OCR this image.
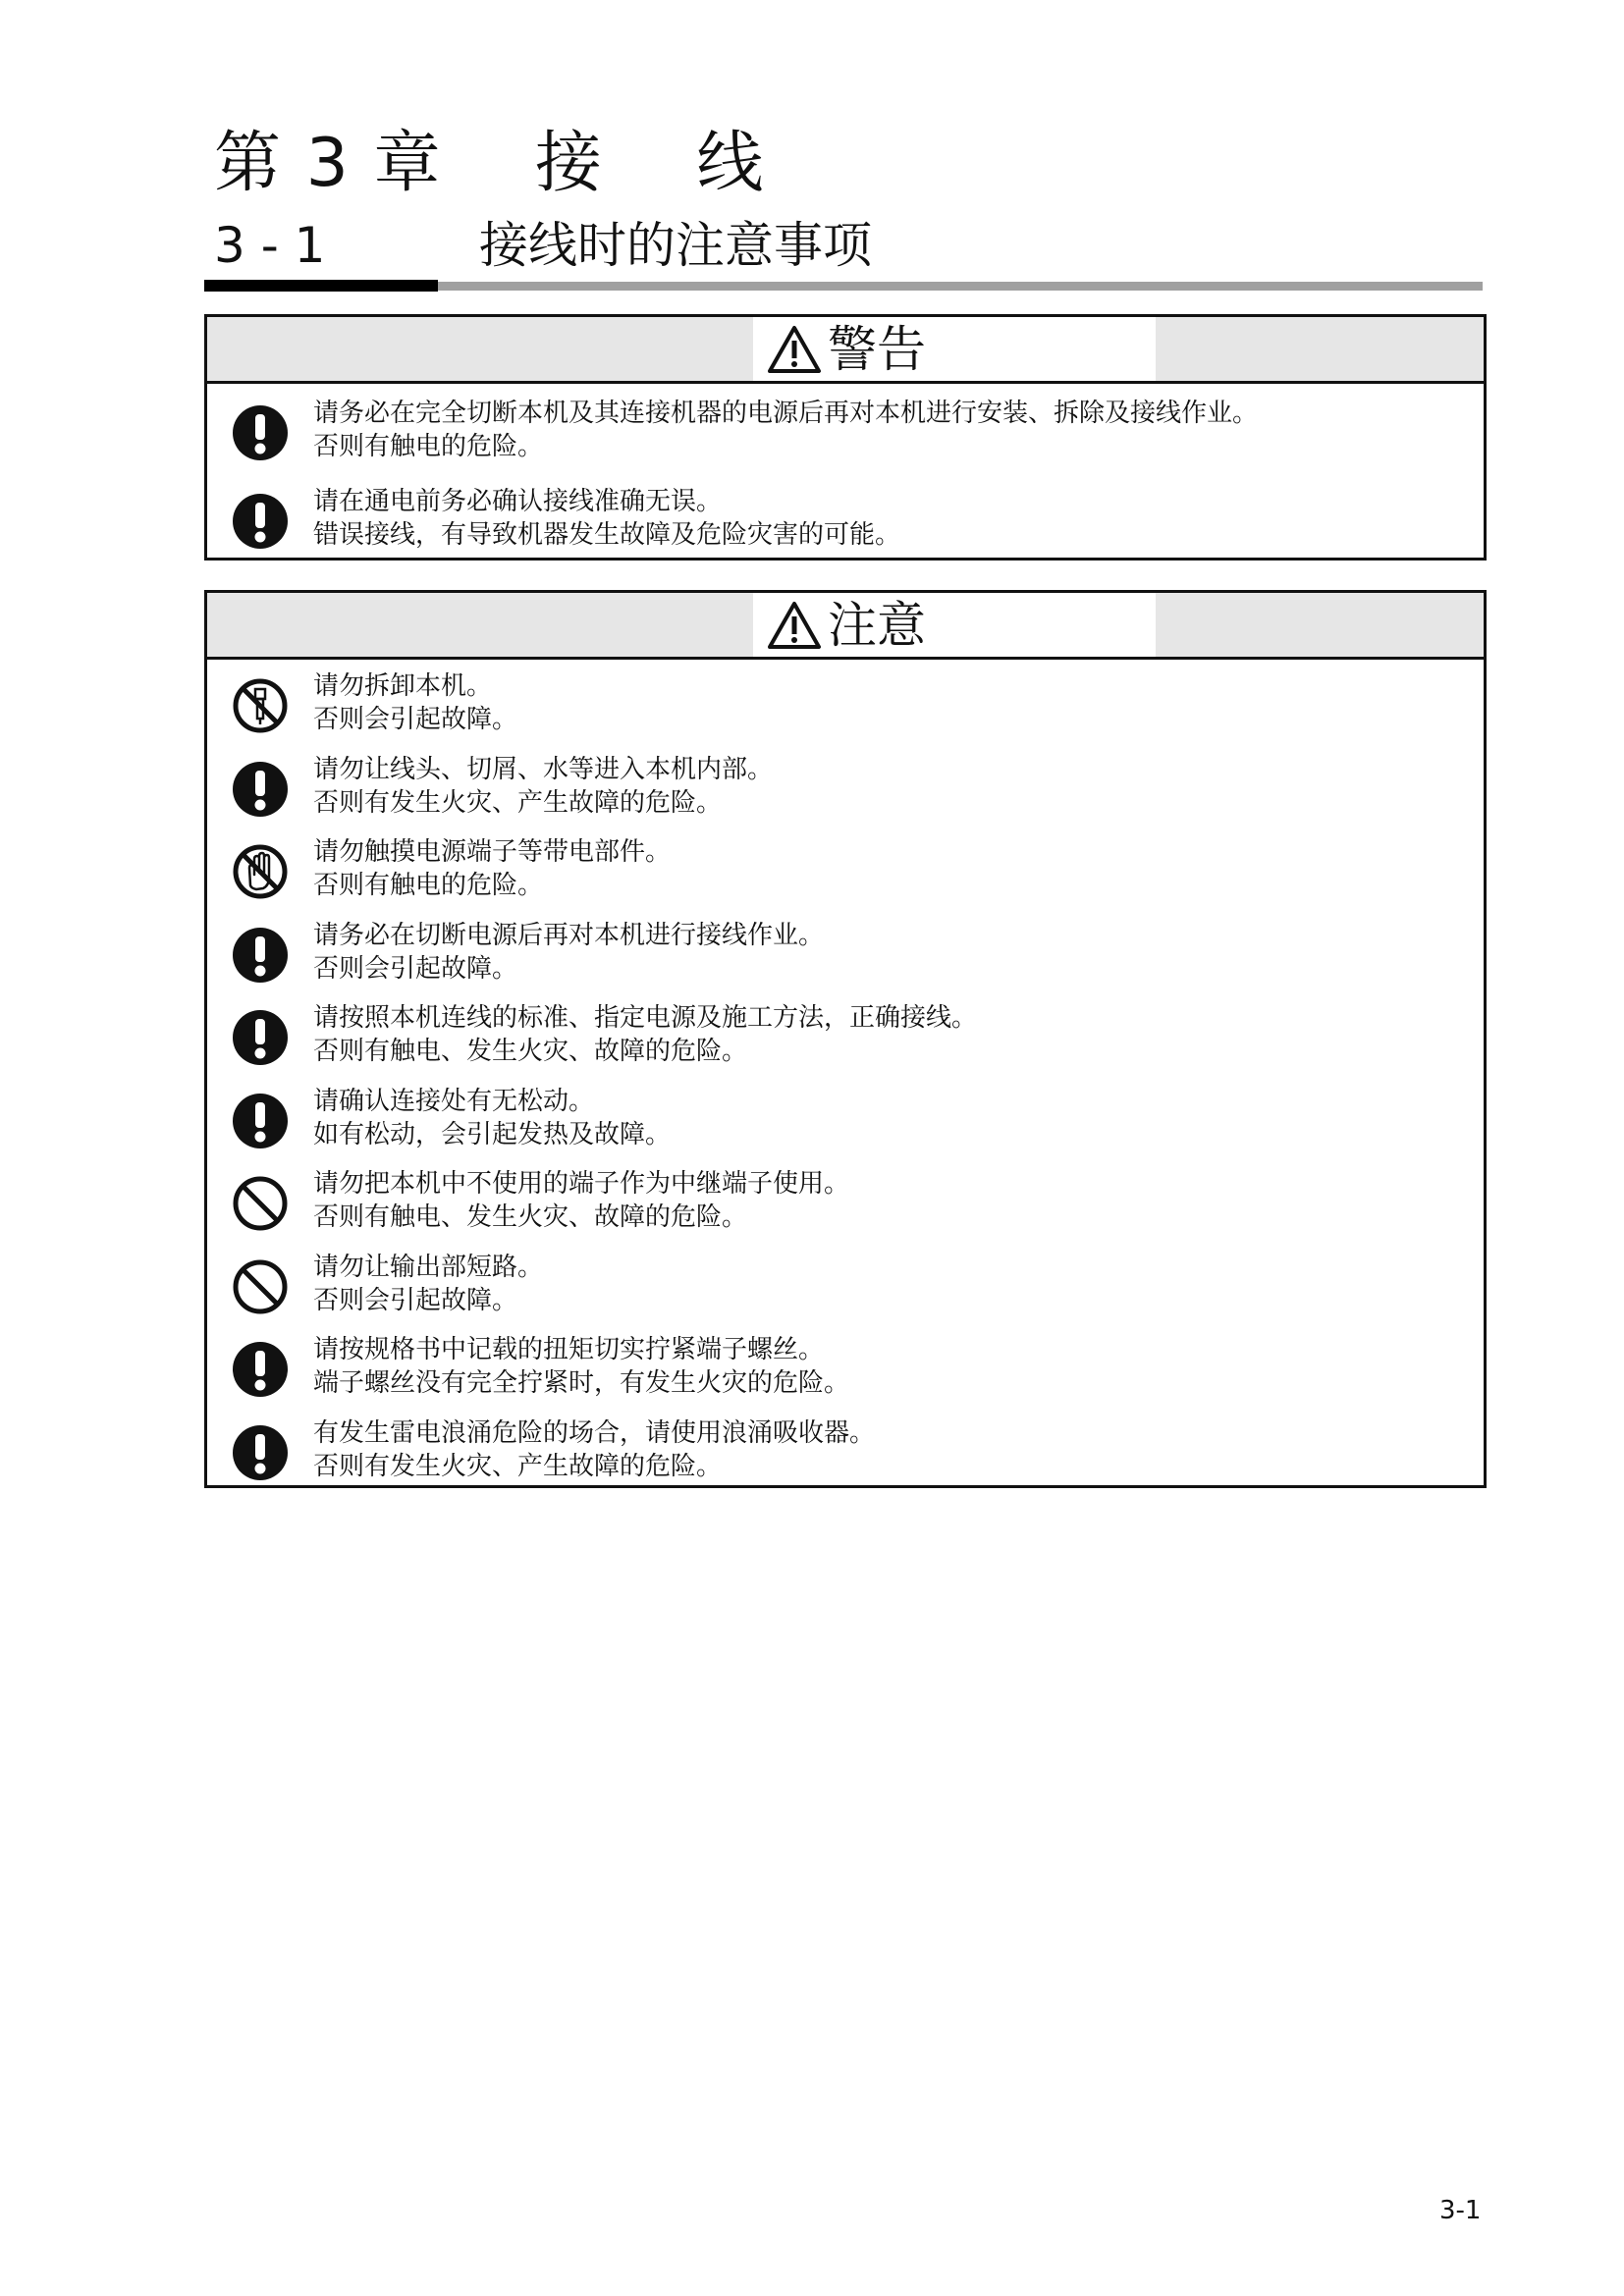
第 3 章    接    线
3 - 1	接线时的注意事项
警告
请务必在完全切断本机及其连接机器的电源后再对本机进行安装、拆除及接线作业。
否则有触电的危险。
请在通电前务必确认接线准确无误。
错误接线，有导致机器发生故障及危险灾害的可能。
注意
请勿拆卸本机。
否则会引起故障。
请勿让线头、切屑、水等进入本机内部。
否则有发生火灾、产生故障的危险。
请勿触摸电源端子等带电部件。
否则有触电的危险。
请务必在切断电源后再对本机进行接线作业。
否则会引起故障。
请按照本机连线的标准、指定电源及施工方法，正确接线。
否则有触电、发生火灾、故障的危险。
请确认连接处有无松动。
如有松动，会引起发热及故障。
请勿把本机中不使用的端子作为中继端子使用。
否则有触电、发生火灾、故障的危险。
请勿让输出部短路。
否则会引起故障。
请按规格书中记载的扭矩切实拧紧端子螺丝。
端子螺丝没有完全拧紧时，有发生火灾的危险。
有发生雷电浪涌危险的场合，请使用浪涌吸收器。
否则有发生火灾、产生故障的危险。
3-1
